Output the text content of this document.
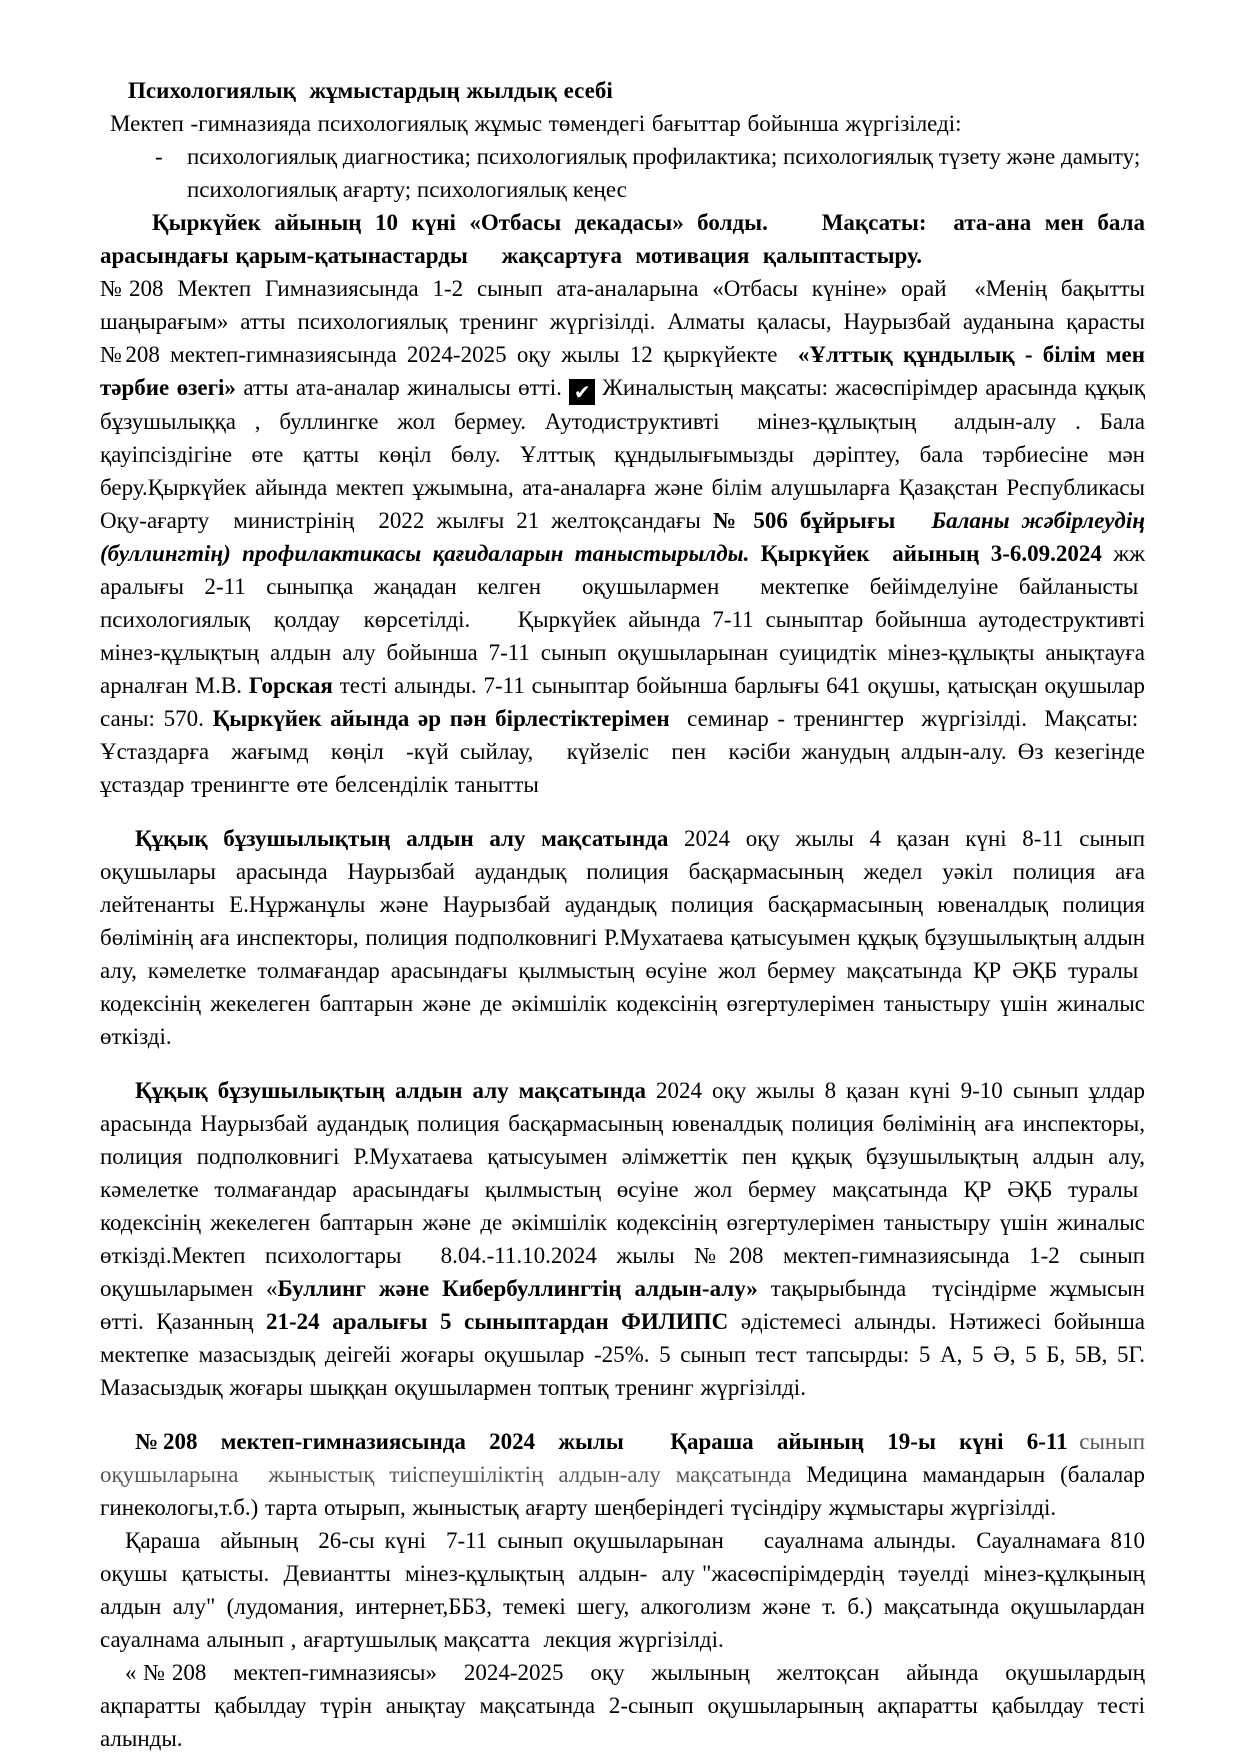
Психологиялық  жұмыстардың жылдық есебі

Мектеп -гимназияда психологиялық жұмыс төмендегі бағыттар бойынша жүргізіледі:

- психологиялық диагностика; психологиялық профилактика; психологиялық түзету және дамыту; психологиялық ағарту; психологиялық кеңес

Қыркүйек айының 10 күні «Отбасы декадасы» болды.    Мақсаты:  ата-ана мен бала арасындағы қарым-қатынастарды     жақсартуға  мотивация  қалыптастыру.

№208 Мектеп Гимназиясында 1-2 сынып ата-аналарына «Отбасы күніне» орай  «Менің бақытты шаңырағым» атты психологиялық тренинг жүргізілді. Алматы қаласы, Наурызбай ауданына қарасты №208 мектеп-гимназиясында 2024-2025 оқу жылы 12 қыркүйекте  «Ұлттық құндылық - білім мен тәрбие өзегі» атты ата-аналар жиналысы өтті. ✔ Жиналыстың мақсаты: жасөспірімдер арасында құқық бұзушылыққа , буллингке жол бермеу. Аутодиструктивті  мінез-құлықтың  алдын-алу . Бала қауіпсіздігіне өте қатты көңіл бөлу. Ұлттық құндылығымызды дәріптеу, бала тәрбиесіне мән беру.Қыркүйек айында мектеп ұжымына, ата-аналарға және білім алушыларға Қазақстан Республикасы Оқу-ағарту  министрінің  2022 жылғы 21 желтоқсандағы № 506 бұйрығы   Баланы жәбірлеудің (буллингтің) профилактикасы қағидаларын таныстырылды. Қыркүйек  айының 3-6.09.2024 жж аралығы 2-11 сыныпқа жаңадан келген  оқушылармен  мектепке бейімделуіне байланысты  психологиялық  қолдау  көрсетілді.    Қыркүйек айында 7-11 сыныптар бойынша аутодеструктивті мінез-құлықтың алдын алу бойынша 7-11 сынып оқушыларынан суицидтік мінез-құлықты анықтауға арналған М.В. Горская тесті алынды. 7-11 сыныптар бойынша барлығы 641 оқушы, қатысқан оқушылар саны: 570. Қыркүйек айында әр пән бірлестіктерімен  семинар - тренингтер  жүргізілді.  Мақсаты:  Ұстаздарға  жағымд  көңіл  -күй сыйлау,   күйзеліс  пен  кәсіби жанудың алдын-алу. Өз кезегінде ұстаздар тренингте өте белсенділік танытты

Құқық бұзушылықтың алдын алу мақсатында 2024 оқу жылы 4 қазан күні 8-11 сынып оқушылары арасында Наурызбай аудандық полиция басқармасының жедел уәкіл полиция аға лейтенанты Е.Нұржанұлы және Наурызбай аудандық полиция басқармасының ювеналдық полиция бөлімінің аға инспекторы, полиция подполковнигі Р.Мухатаева қатысуымен құқық бұзушылықтың алдын алу, кәмелетке толмағандар арасындағы қылмыстың өсуіне жол бермеу мақсатында ҚР ӘҚБ туралы  кодексінің жекелеген баптарын және де әкімшілік кодексінің өзгертулерімен таныстыру үшін жиналыс өткізді.

Құқық бұзушылықтың алдын алу мақсатында 2024 оқу жылы 8 қазан күні 9-10 сынып ұлдар арасында Наурызбай аудандық полиция басқармасының ювеналдық полиция бөлімінің аға инспекторы, полиция подполковнигі Р.Мухатаева қатысуымен әлімжеттік пен құқық бұзушылықтың алдын алу, кәмелетке толмағандар арасындағы қылмыстың өсуіне жол бермеу мақсатында ҚР ӘҚБ туралы  кодексінің жекелеген баптарын және де әкімшілік кодексінің өзгертулерімен таныстыру үшін жиналыс өткізді.Мектеп психологтары  8.04.-11.10.2024 жылы №208 мектеп-гимназиясында 1-2 сынып оқушыларымен «Буллинг және Кибербуллингтің алдын-алу» тақырыбында  түсіндірме жұмысын өтті. Қазанның 21-24 аралығы 5 сыныптардан ФИЛИПС әдістемесі алынды. Нәтижесі бойынша мектепке мазасыздық деігейі жоғары оқушылар -25%. 5 сынып тест тапсырды: 5 А, 5 Ә, 5 Б, 5В, 5Г. Мазасыздық жоғары шыққан оқушылармен топтық тренинг жүргізілді.

№208  мектеп-гимназиясында  2024  жылы    Қараша  айының  19-ы  күні  6-11 сынып оқушыларына  жыныстық тиіспеушіліктің алдын-алу мақсатында Медицина мамандарын (балалар гинекологы,т.б.) тарта отырып, жыныстық ағарту шеңберіндегі түсіндіру жұмыстары жүргізілді.

Қараша  айының  26-сы күні  7-11 сынып оқушыларынан    сауалнама алынды.  Сауалнамаға 810 оқушы  қатысты.  Девиантты  мінез-құлықтың  алдын-  алу "жасөспірімдердің  тәуелді  мінез-құлқының алдын алу" (лудомания, интернет,ББЗ, темекі шегу, алкоголизм және т. б.) мақсатында оқушылардан сауалнама алынып , ағартушылық мақсатта  лекция жүргізілді.

«№208  мектеп-гимназиясы»  2024-2025  оқу  жылының  желтоқсан  айында  оқушылардың ақпаратты қабылдау түрін анықтау мақсатында 2-сынып оқушыларының ақпаратты қабылдау тесті алынды.
